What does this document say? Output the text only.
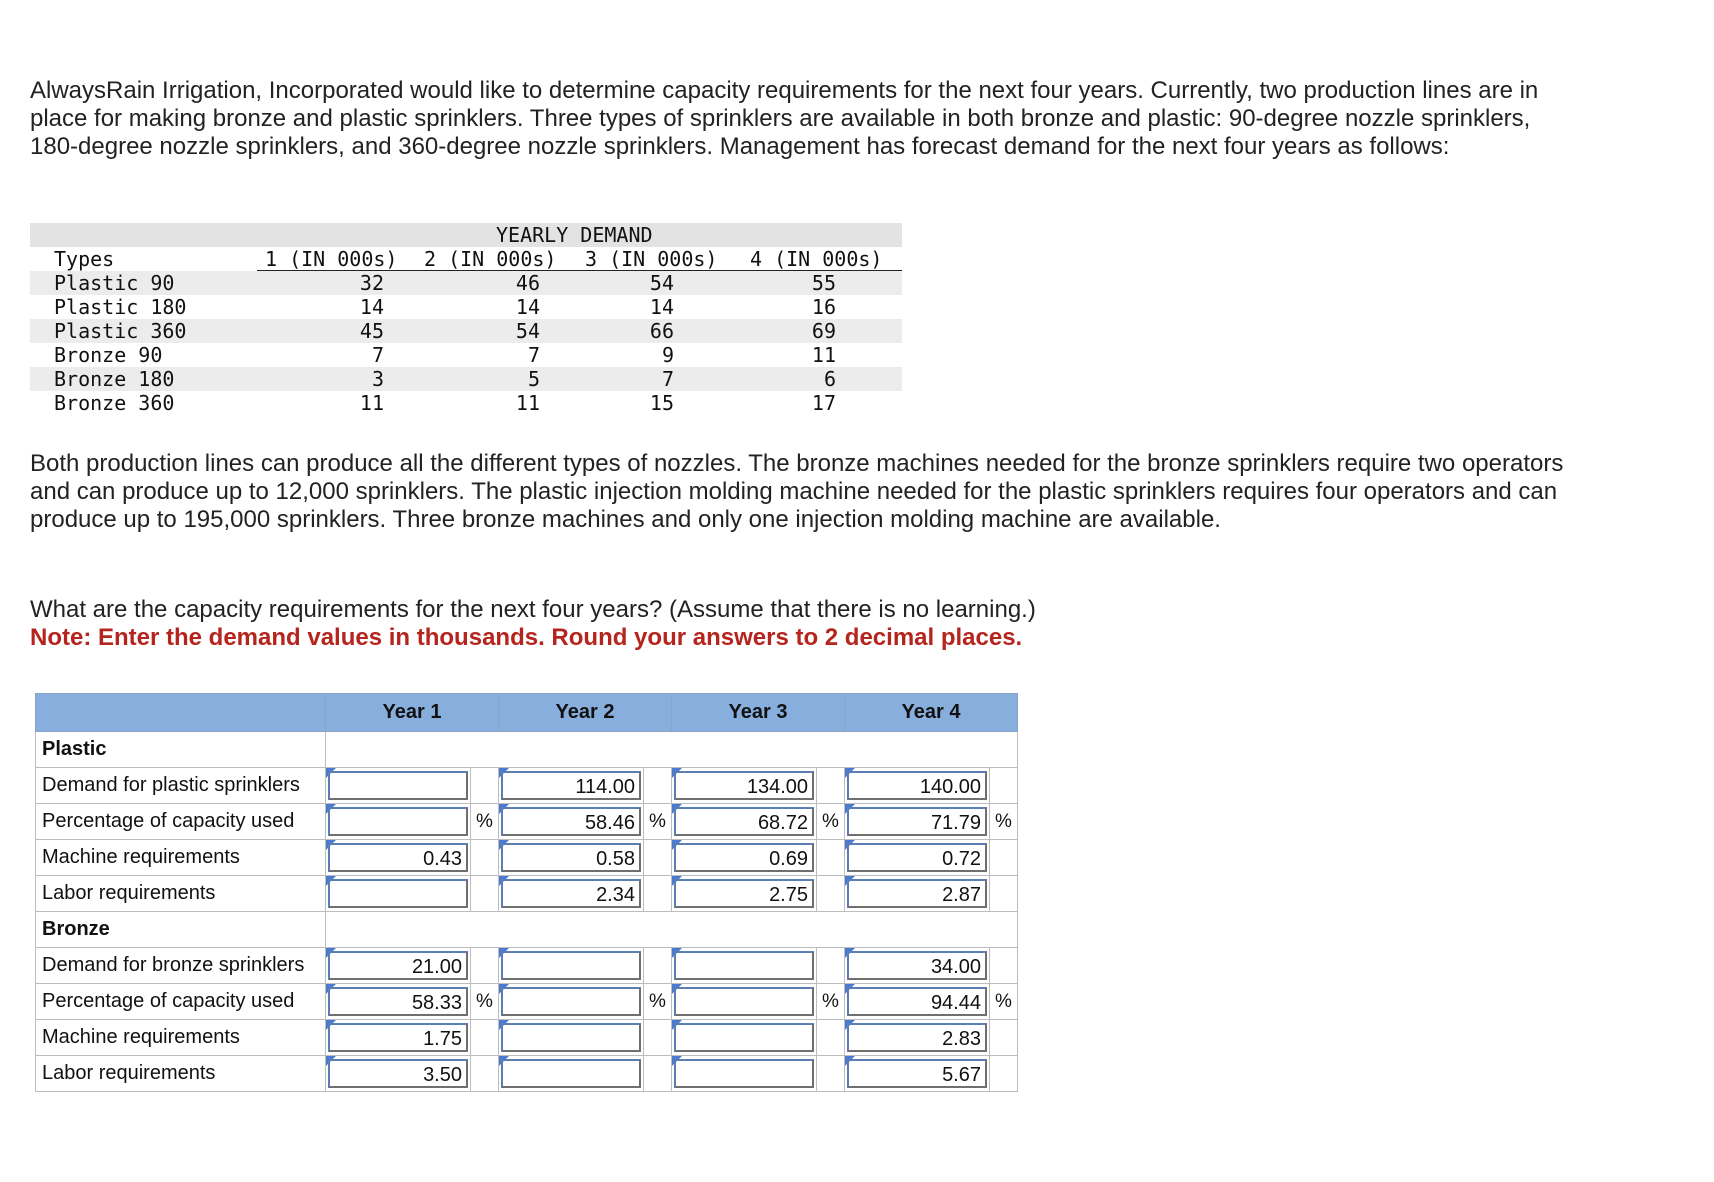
AlwaysRain Irrigation, Incorporated would like to determine capacity requirements for the next four years. Currently, two production lines are in place for making bronze and plastic sprinklers. Three types of sprinklers are available in both bronze and plastic: 90-degree nozzle sprinklers, 180-degree nozzle sprinklers, and 360-degree nozzle sprinklers. Management has forecast demand for the next four years as follows:

YEARLY DEMAND
Types	1 (IN 000s) 2 (IN 000s) 3 (IN 000s) 4 (IN 000s)
Plastic 90	32	46	54	55
Plastic 180	14	14	14	16
Plastic 360	45	54	66	69
Bronze 90	7	7	9	11
Bronze 180	3	5	7	6
Bronze 360	11	11	15	17

Both production lines can produce all the different types of nozzles. The bronze machines needed for the bronze sprinklers require two operators and can produce up to 12,000 sprinklers. The plastic injection molding machine needed for the plastic sprinklers requires four operators and can produce up to 195,000 sprinklers. Three bronze machines and only one injection molding machine are available.

What are the capacity requirements for the next four years? (Assume that there is no learning.)
Note: Enter the demand values in thousands. Round your answers to 2 decimal places.
	Year 1		Year 2		Year 3		Year 4	
Plastic								
Demand for plastic sprinklers			114.00		134.00		140.00	

Percentage of capacity used		%	58.46	%	68.72	%	71.79	%
Machine requirements	0.43		0.58		0.69		0.72	

Labor requirements			2.34		2.75		2.87	

Bronze								
Demand for bronze sprinklers	21.00						34.00	

Percentage of capacity used	58.33	%		%		%	94.44	%
Machine requirements	1.75						2.83	

Labor requirements	3.50						5.67	
